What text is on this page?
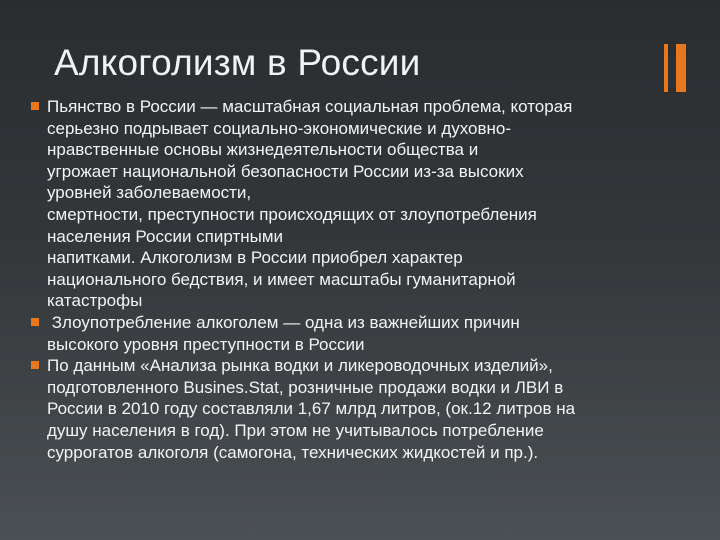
Алкоголизм в России
Пьянство в России — масштабная социальная проблема, которая
серьезно подрывает социально-экономические и духовно-
нравственные основы жизнедеятельности общества и
угрожает национальной безопасности России из-за высоких
уровней заболеваемости,
смертности, преступности происходящих от злоупотребления
населения России спиртными
напитками. Алкоголизм в России приобрел характер
национального бедствия, и имеет масштабы гуманитарной
катастрофы
Злоупотребление алкоголем — одна из важнейших причин
высокого уровня преступности в России
По данным «Анализа рынка водки и ликероводочных изделий»,
подготовленного Busines.Stat, розничные продажи водки и ЛВИ в
России в 2010 году составляли 1,67 млрд литров, (ок.12 литров на
душу населения в год). При этом не учитывалось потребление
суррогатов алкоголя (самогона, технических жидкостей и пр.).
